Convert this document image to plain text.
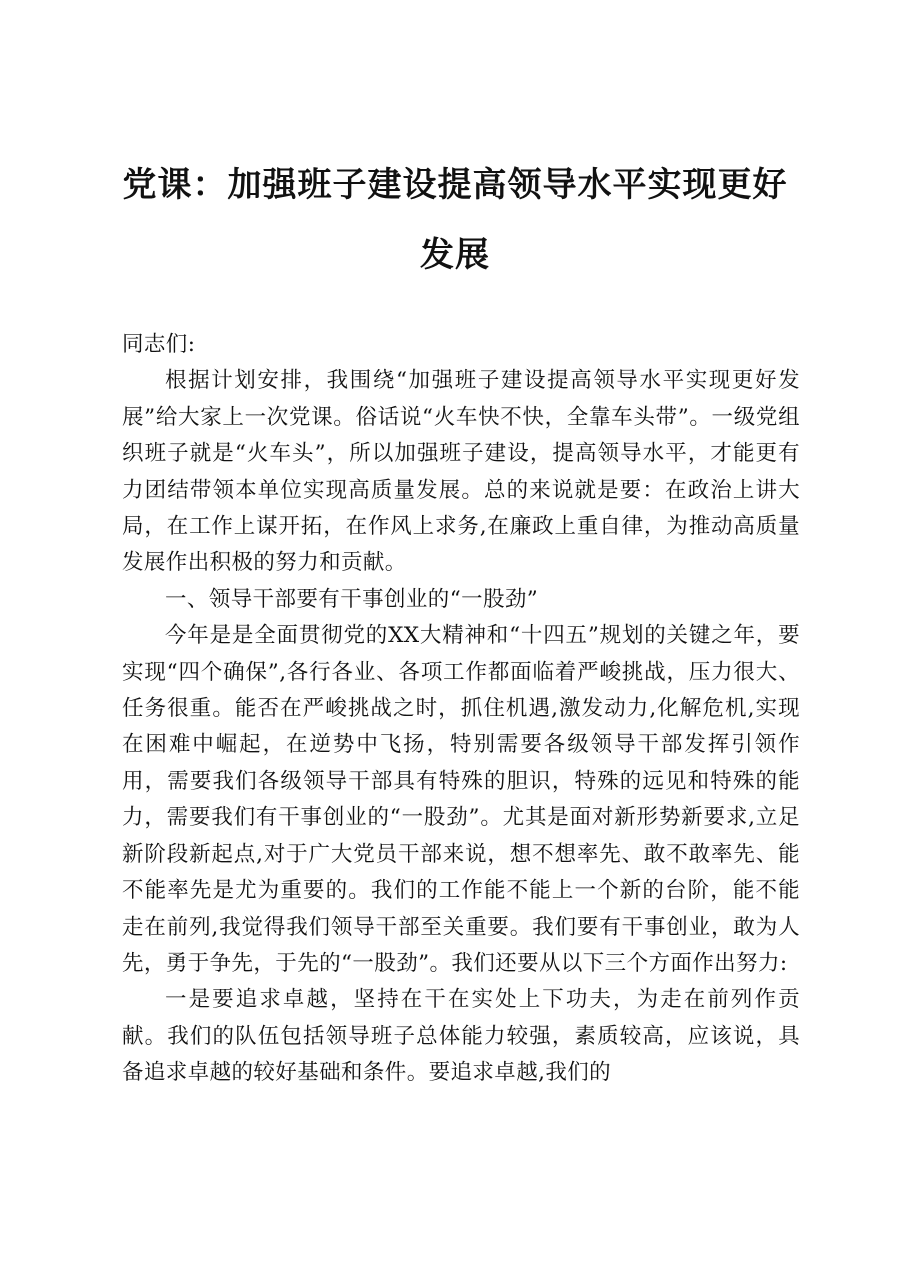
党课：加强班子建设提高领导水平实现更好发展

同志们:

根据计划安排，我围绕“加强班子建设提高领导水平实现更好发展”给大家上一次党课。俗话说“火车快不快，全靠车头带”。一级党组织班子就是“火车头”，所以加强班子建设，提高领导水平，才能更有力团结带领本单位实现高质量发展。总的来说就是要：在政治上讲大局，在工作上谋开拓，在作风上求务,在廉政上重自律，为推动高质量发展作出积极的努力和贡献。

一、领导干部要有干事创业的“一股劲”

今年是是全面贯彻党的XX大精神和“十四五”规划的关键之年，要实现“四个确保”,各行各业、各项工作都面临着严峻挑战，压力很大、任务很重。能否在严峻挑战之时，抓住机遇,激发动力,化解危机,实现在困难中崛起，在逆势中飞扬，特别需要各级领导干部发挥引领作用，需要我们各级领导干部具有特殊的胆识，特殊的远见和特殊的能力，需要我们有干事创业的“一股劲”。尤其是面对新形势新要求,立足新阶段新起点,对于广大党员干部来说，想不想率先、敢不敢率先、能不能率先是尤为重要的。我们的工作能不能上一个新的台阶，能不能走在前列,我觉得我们领导干部至关重要。我们要有干事创业，敢为人先，勇于争先，于先的“一股劲”。我们还要从以下三个方面作出努力:

一是要追求卓越，坚持在干在实处上下功夫，为走在前列作贡献。我们的队伍包括领导班子总体能力较强，素质较高，应该说，具备追求卓越的较好基础和条件。要追求卓越,我们的
